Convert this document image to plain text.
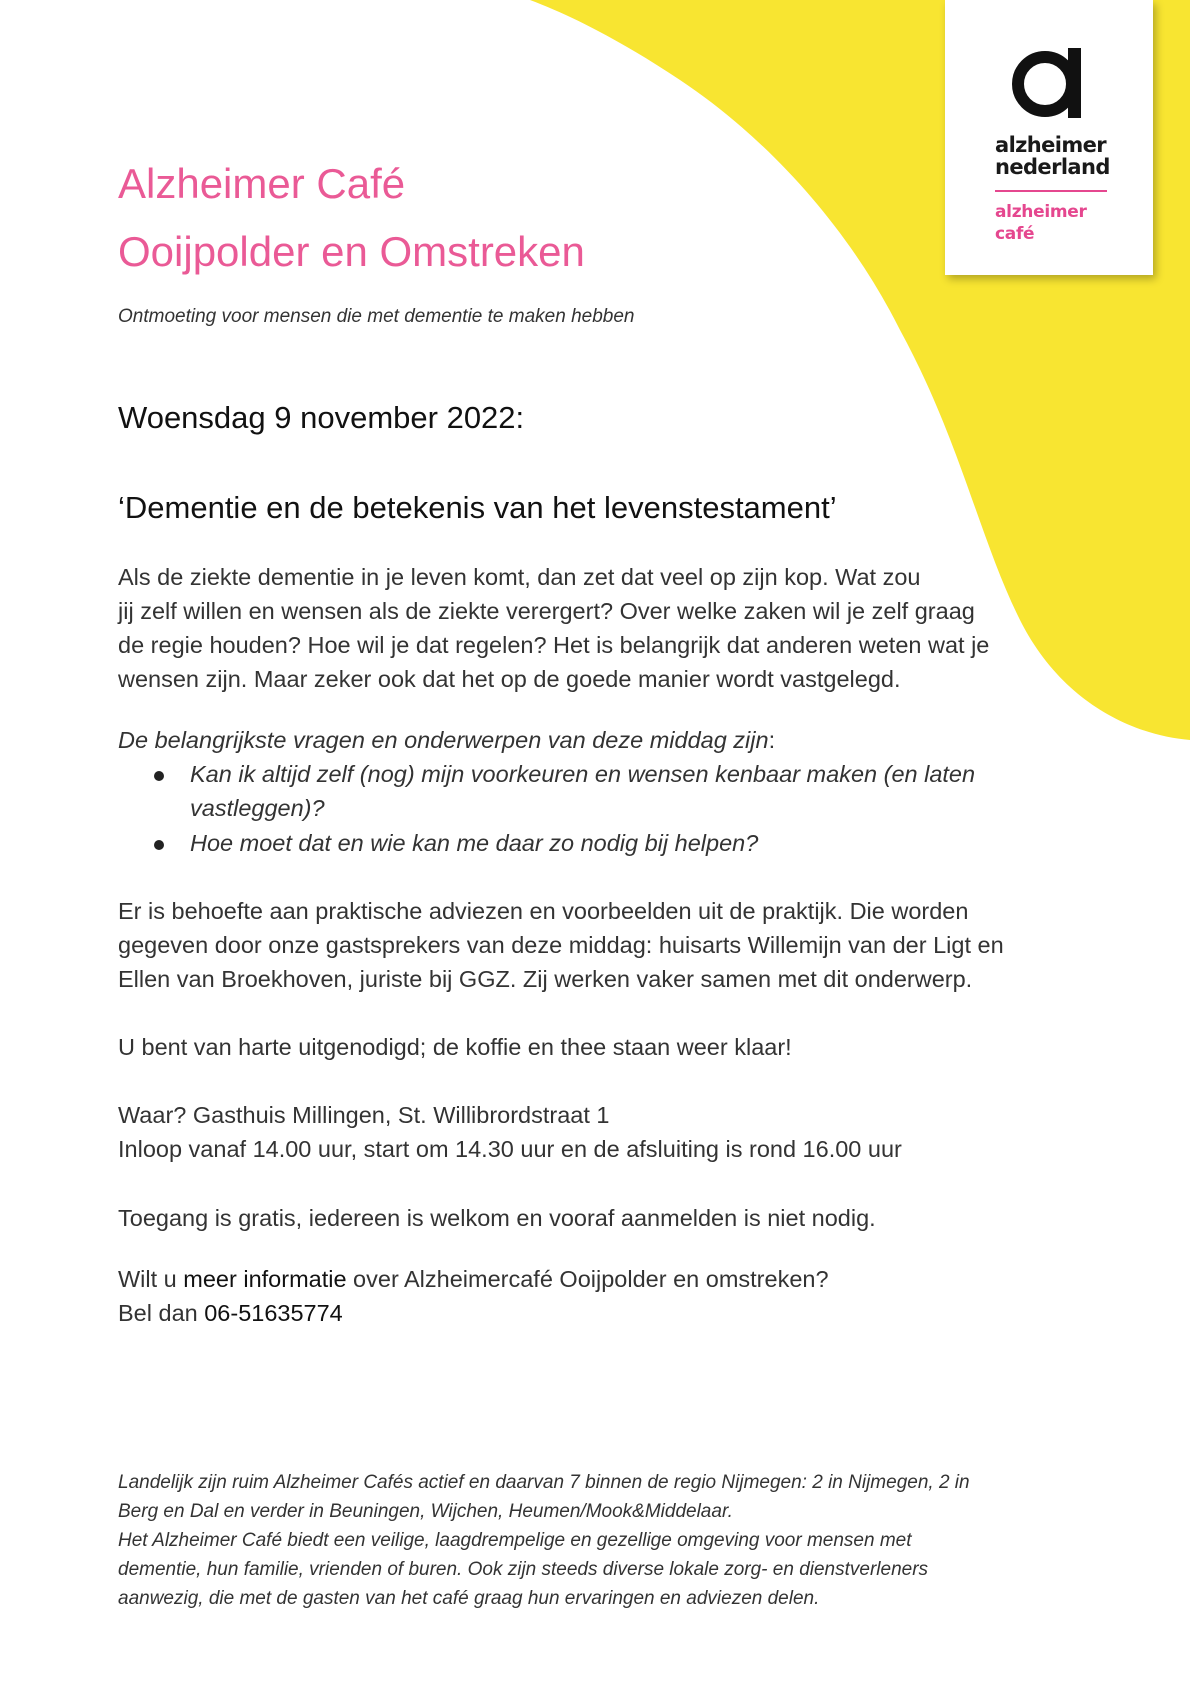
alzheimer
nederland
alzheimer
café
Alzheimer Café
Ooijpolder en Omstreken
Ontmoeting voor mensen die met dementie te maken hebben
Woensdag 9 november 2022:
‘Dementie en de betekenis van het levenstestament’
Als de ziekte dementie in je leven komt, dan zet dat veel op zijn kop. Wat zou
jij zelf willen en wensen als de ziekte verergert? Over welke zaken wil je zelf graag
de regie houden? Hoe wil je dat regelen? Het is belangrijk dat anderen weten wat je
wensen zijn. Maar zeker ook dat het op de goede manier wordt vastgelegd.
De belangrijkste vragen en onderwerpen van deze middag zijn:
Kan ik altijd zelf (nog) mijn voorkeuren en wensen kenbaar maken (en laten
vastleggen)?
Hoe moet dat en wie kan me daar zo nodig bij helpen?
Er is behoefte aan praktische adviezen en voorbeelden uit de praktijk. Die worden
gegeven door onze gastsprekers van deze middag: huisarts Willemijn van der Ligt en
Ellen van Broekhoven, juriste bij GGZ. Zij werken vaker samen met dit onderwerp.
U bent van harte uitgenodigd; de koffie en thee staan weer klaar!
Waar? Gasthuis Millingen, St. Willibrordstraat 1
Inloop vanaf 14.00 uur, start om 14.30 uur en de afsluiting is rond 16.00 uur
Toegang is gratis, iedereen is welkom en vooraf aanmelden is niet nodig.
Wilt u meer informatie over Alzheimercafé Ooijpolder en omstreken?
Bel dan 06-51635774
Landelijk zijn ruim Alzheimer Cafés actief en daarvan 7 binnen de regio Nijmegen: 2 in Nijmegen, 2 in
Berg en Dal en verder in Beuningen, Wijchen, Heumen/Mook&Middelaar.
Het Alzheimer Café biedt een veilige, laagdrempelige en gezellige omgeving voor mensen met
dementie, hun familie, vrienden of buren. Ook zijn steeds diverse lokale zorg- en dienstverleners
aanwezig, die met de gasten van het café graag hun ervaringen en adviezen delen.
